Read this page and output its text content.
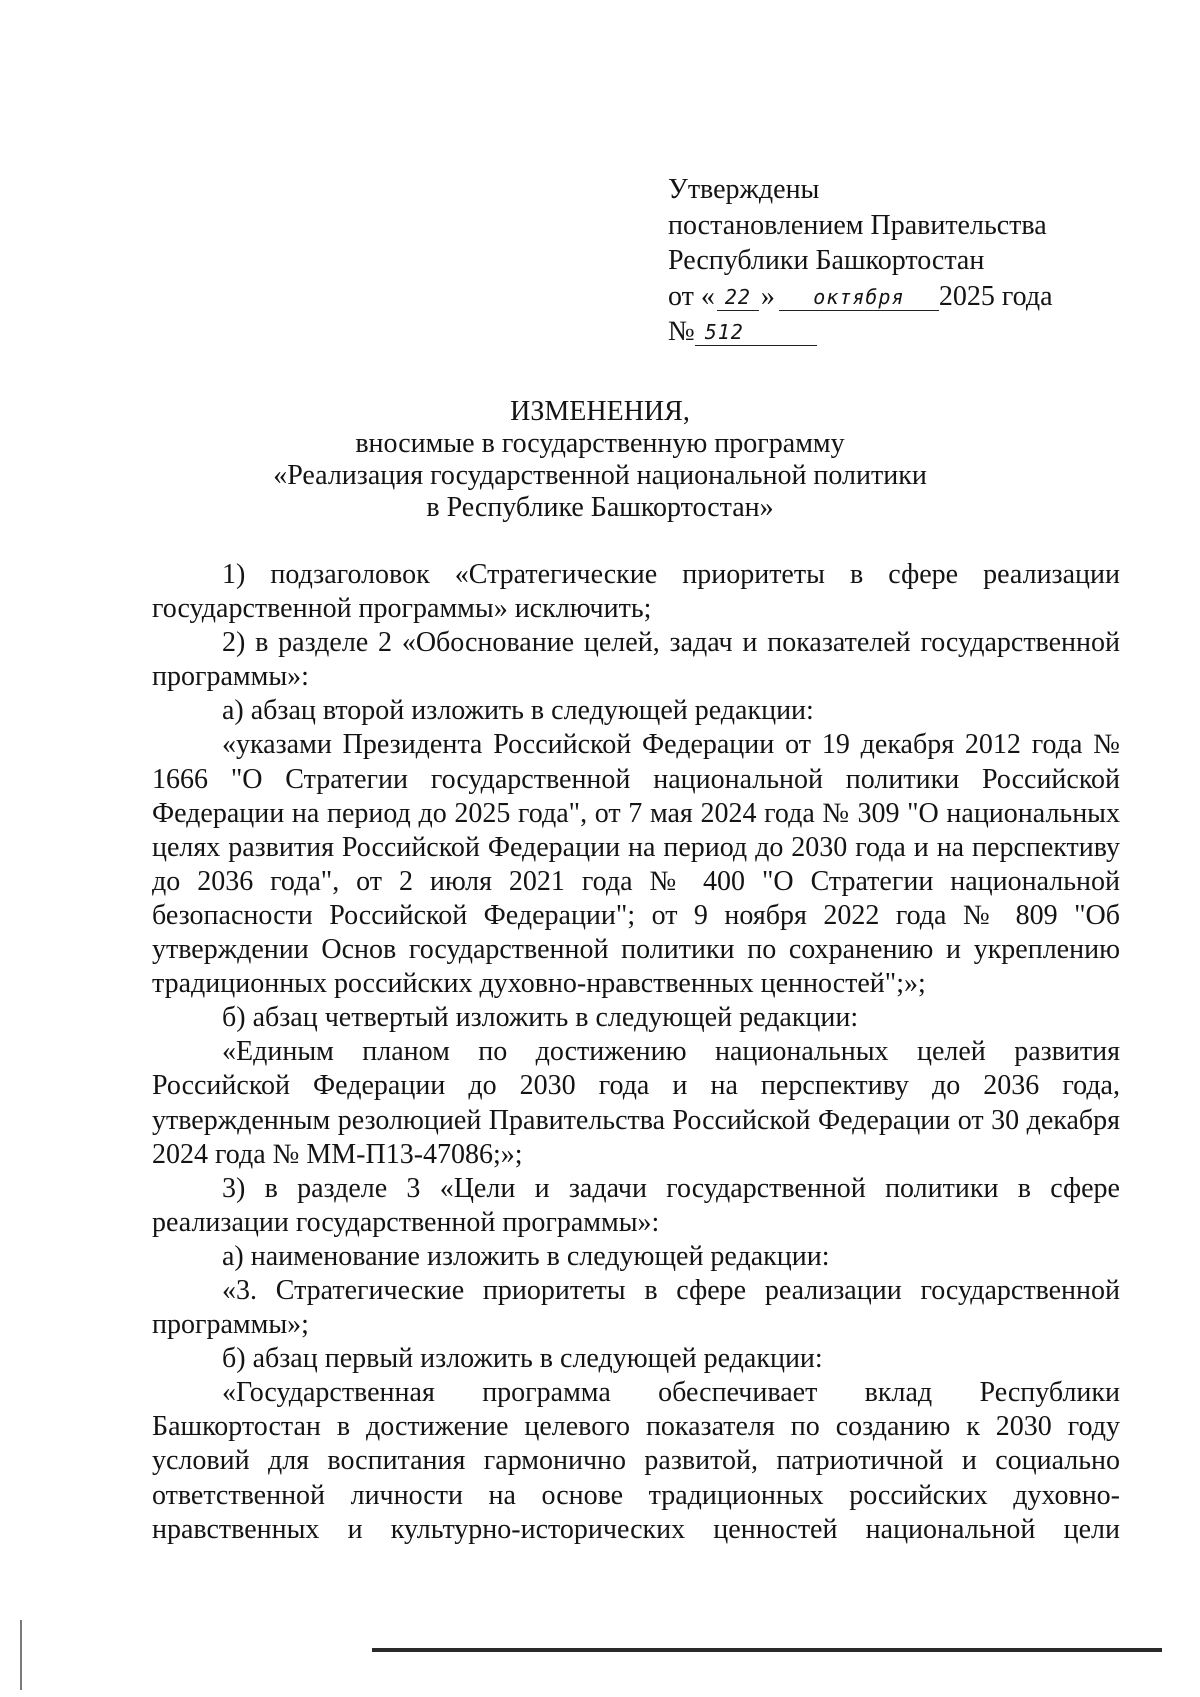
Утверждены
постановлением Правительства
Республики Башкортостан
от « 22 » октября 2025 года
№ 512
ИЗМЕНЕНИЯ,
вносимые в государственную программу
«Реализация государственной национальной политики
в Республике Башкортостан»

1) подзаголовок «Стратегические приоритеты в сфере реализации государственной программы» исключить;

2) в разделе 2 «Обоснование целей, задач и показателей государственной программы»:

а) абзац второй изложить в следующей редакции:

«указами Президента Российской Федерации от 19 декабря 2012 года № 1666 "О Стратегии государственной национальной политики Российской Федерации на период до 2025 года", от 7 мая 2024 года № 309 "О национальных целях развития Российской Федерации на период до 2030 года и на перспективу до 2036 года", от 2 июля 2021 года № 400 "О Стратегии национальной безопасности Российской Федерации"; от 9 ноября 2022 года № 809 "Об утверждении Основ государственной политики по сохранению и укреплению традиционных российских духовно-нравственных ценностей";»;

б) абзац четвертый изложить в следующей редакции:

«Единым планом по достижению национальных целей развития Российской Федерации до 2030 года и на перспективу до 2036 года, утвержденным резолюцией Правительства Российской Федерации от 30 декабря 2024 года № ММ-П13-47086;»;

3) в разделе 3 «Цели и задачи государственной политики в сфере реализации государственной программы»:

а) наименование изложить в следующей редакции:

«3. Стратегические приоритеты в сфере реализации государственной программы»;

б) абзац первый изложить в следующей редакции:

«Государственная программа обеспечивает вклад Республики Башкортостан в достижение целевого показателя по созданию к 2030 году условий для воспитания гармонично развитой, патриотичной и социально ответственной личности на основе традиционных российских духовно-нравственных и культурно-исторических ценностей национальной цели
